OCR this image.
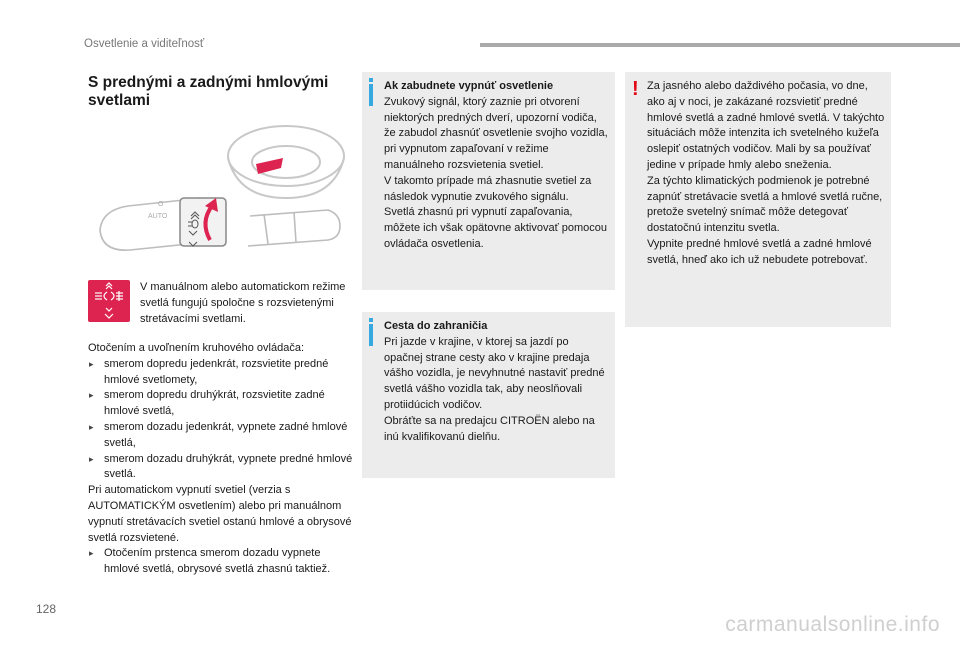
Osvetlenie a viditeľnosť
S prednými a zadnými hmlovými svetlami
AUTO
O
V manuálnom alebo automatickom režime svetlá fungujú spoločne s rozsvietenými stretávacími svetlami.

Otočením a uvoľnením kruhového ovládača:

▸ smerom dopredu jedenkrát, rozsvietite predné hmlové svetlomety,
▸ smerom dopredu druhýkrát, rozsvietite zadné hmlové svetlá,
▸ smerom dozadu jedenkrát, vypnete zadné hmlové svetlá,
▸ smerom dozadu druhýkrát, vypnete predné hmlové svetlá.

Pri automatickom vypnutí svetiel (verzia s AUTOMATICKÝM osvetlením) alebo pri manuálnom vypnutí stretávacích svetiel ostanú hmlové a obrysové svetlá rozsvietené.

▸ Otočením prstenca smerom dozadu vypnete hmlové svetlá, obrysové svetlá zhasnú taktiež.

Ak zabudnete vypnúť osvetlenie

Zvukový signál, ktorý zaznie pri otvorení niektorých predných dverí, upozorní vodiča, že zabudol zhasnúť osvetlenie svojho vozidla, pri vypnutom zapaľovaní v režime manuálneho rozsvietenia svetiel.

V takomto prípade má zhasnutie svetiel za následok vypnutie zvukového signálu.

Svetlá zhasnú pri vypnutí zapaľovania, môžete ich však opätovne aktivovať pomocou ovládača osvetlenia.

Cesta do zahraničia

Pri jazde v krajine, v ktorej sa jazdí po opačnej strane cesty ako v krajine predaja vášho vozidla, je nevyhnutné nastaviť predné svetlá vášho vozidla tak, aby neoslňovali protiidúcich vodičov.

Obráťte sa na predajcu CITROËN alebo na inú kvalifikovanú dielňu.

! Za jasného alebo daždivého počasia, vo dne, ako aj v noci, je zakázané rozsvietiť predné hmlové svetlá a zadné hmlové svetlá. V takýchto situáciách môže intenzita ich svetelného kužeľa oslepiť ostatných vodičov. Mali by sa používať jedine v prípade hmly alebo sneženia.

Za týchto klimatických podmienok je potrebné zapnúť stretávacie svetlá a hmlové svetlá ručne, pretože svetelný snímač môže detegovať dostatočnú intenzitu svetla.

Vypnite predné hmlové svetlá a zadné hmlové svetlá, hneď ako ich už nebudete potrebovať.

128
carmanualsonline.info
